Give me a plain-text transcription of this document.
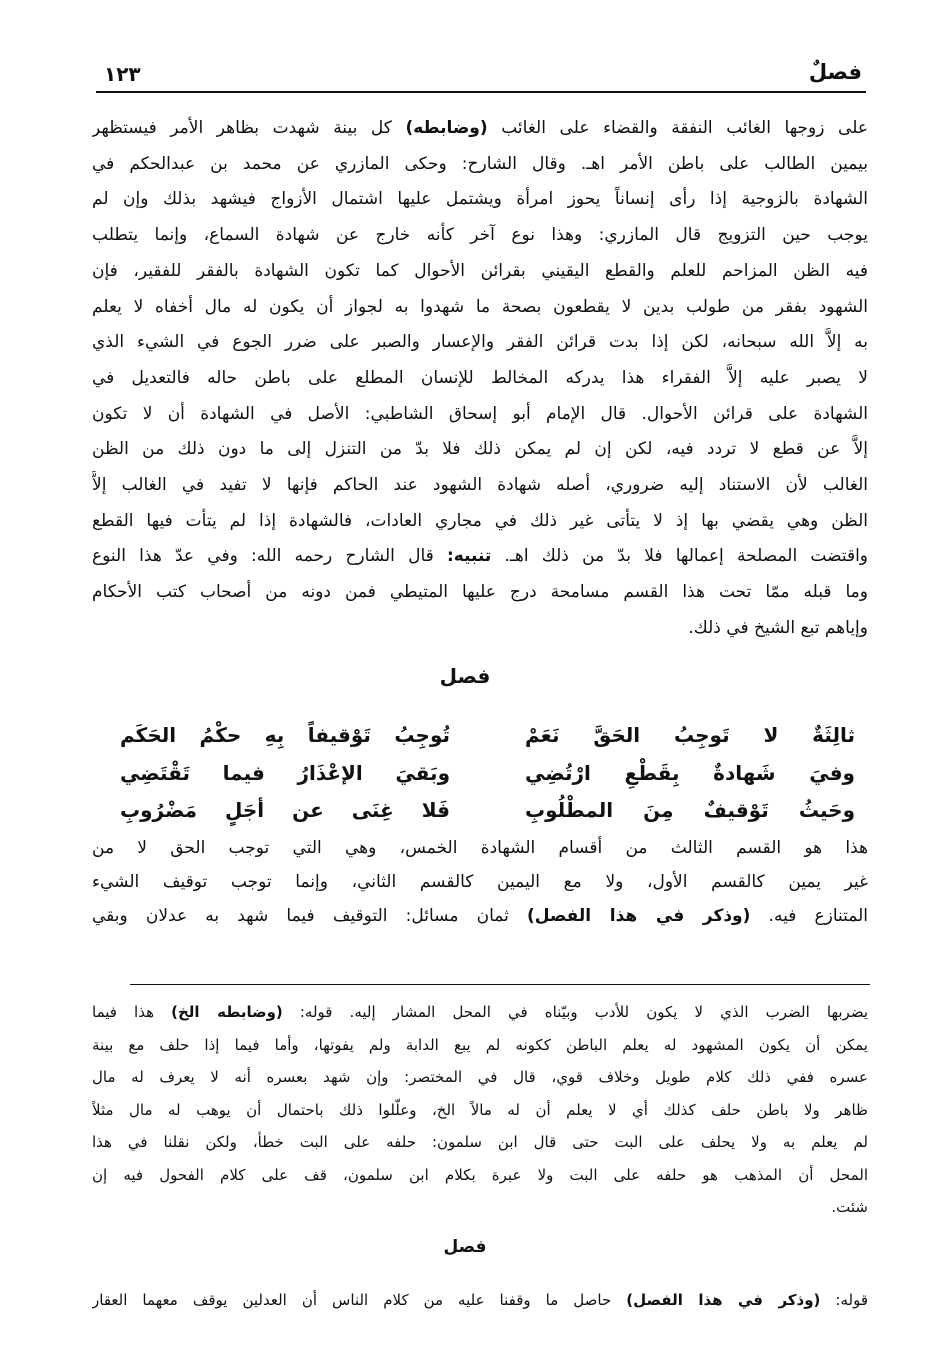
فصلٌ
١٢٣
على زوجها الغائب النفقة والقضاء على الغائب (وضابطه) كل بينة شهدت بظاهر الأمر فيستظهر
بيمين الطالب على باطن الأمر اهـ. وقال الشارح: وحكى المازري عن محمد بن عبدالحكم في
الشهادة بالزوجية إذا رأى إنساناً يحوز امرأة ويشتمل عليها اشتمال الأزواج فيشهد بذلك وإن لم
يوجب حين التزويج قال المازري: وهذا نوع آخر كأنه خارج عن شهادة السماع، وإنما يتطلب
فيه الظن المزاحم للعلم والقطع اليقيني بقرائن الأحوال كما تكون الشهادة بالفقر للفقير، فإن
الشهود بفقر من طولب بدين لا يقطعون بصحة ما شهدوا به لجواز أن يكون له مال أخفاه لا يعلم
به إلاَّ الله سبحانه، لكن إذا بدت قرائن الفقر والإعسار والصبر على ضرر الجوع في الشيء الذي
لا يصبر عليه إلاَّ الفقراء هذا يدركه المخالط للإنسان المطلع على باطن حاله فالتعديل في
الشهادة على قرائن الأحوال. قال الإمام أبو إسحاق الشاطبي: الأصل في الشهادة أن لا تكون
إلاَّ عن قطع لا تردد فيه، لكن إن لم يمكن ذلك فلا بدّ من التنزل إلى ما دون ذلك من الظن
الغالب لأن الاستناد إليه ضروري، أصله شهادة الشهود عند الحاكم فإنها لا تفيد في الغالب إلاَّ
الظن وهي يقضي بها إذ لا يتأتى غير ذلك في مجاري العادات، فالشهادة إذا لم يتأت فيها القطع
واقتضت المصلحة إعمالها فلا بدّ من ذلك اهـ. تنبيه: قال الشارح رحمه الله: وفي عدّ هذا النوع
وما قبله ممّا تحت هذا القسم مسامحة درج عليها المتيطي فمن دونه من أصحاب كتب الأحكام
وإياهم تبع الشيخ في ذلك.
فصل
ثالِثَةٌ لا تَوجِبُ الحَقَّ نَعَمْ
تُوجِبُ تَوْقيفاً بِهِ حكْمُ الحَكَم
وفيَ شَهادةٌ بِقَطْعِ ارْتُضِي
وبَقيَ الإعْذَارُ فيما تَقْتَضِي
وحَيثُ تَوْقيفٌ مِنَ المطْلُوبِ
فَلا غِنَى عن أجَلٍ مَضْرُوبِ
هذا هو القسم الثالث من أقسام الشهادة الخمس، وهي التي توجب الحق لا من
غير يمين كالقسم الأول، ولا مع اليمين كالقسم الثاني، وإنما توجب توقيف الشيء
المتنازع فيه. (وذكر في هذا الفصل) ثمان مسائل: التوقيف فيما شهد به عدلان وبقي
يضربها الضرب الذي لا يكون للأدب وبيّناه في المحل المشار إليه. قوله: (وضابطه الخ) هذا فيما
يمكن أن يكون المشهود له يعلم الباطن ككونه لم يبع الدابة ولم يفوتها، وأما فيما إذا حلف مع بينة
عسره ففي ذلك كلام طويل وخلاف قوي، قال في المختصر: وإن شهد بعسره أنه لا يعرف له مال
ظاهر ولا باطن حلف كذلك أي لا يعلم أن له مالاً الخ، وعلّلوا ذلك باحتمال أن يوهب له مال مثلاً
لم يعلم به ولا يحلف على البت حتى قال ابن سلمون: حلفه على البت خطأ، ولكن نقلنا في هذا
المحل أن المذهب هو حلفه على البت ولا عبرة بكلام ابن سلمون، قف على كلام الفحول فيه إن
شئت.
فصل
قوله: (وذكر في هذا الفصل) حاصل ما وقفنا عليه من كلام الناس أن العدلين يوقف معهما العقار
